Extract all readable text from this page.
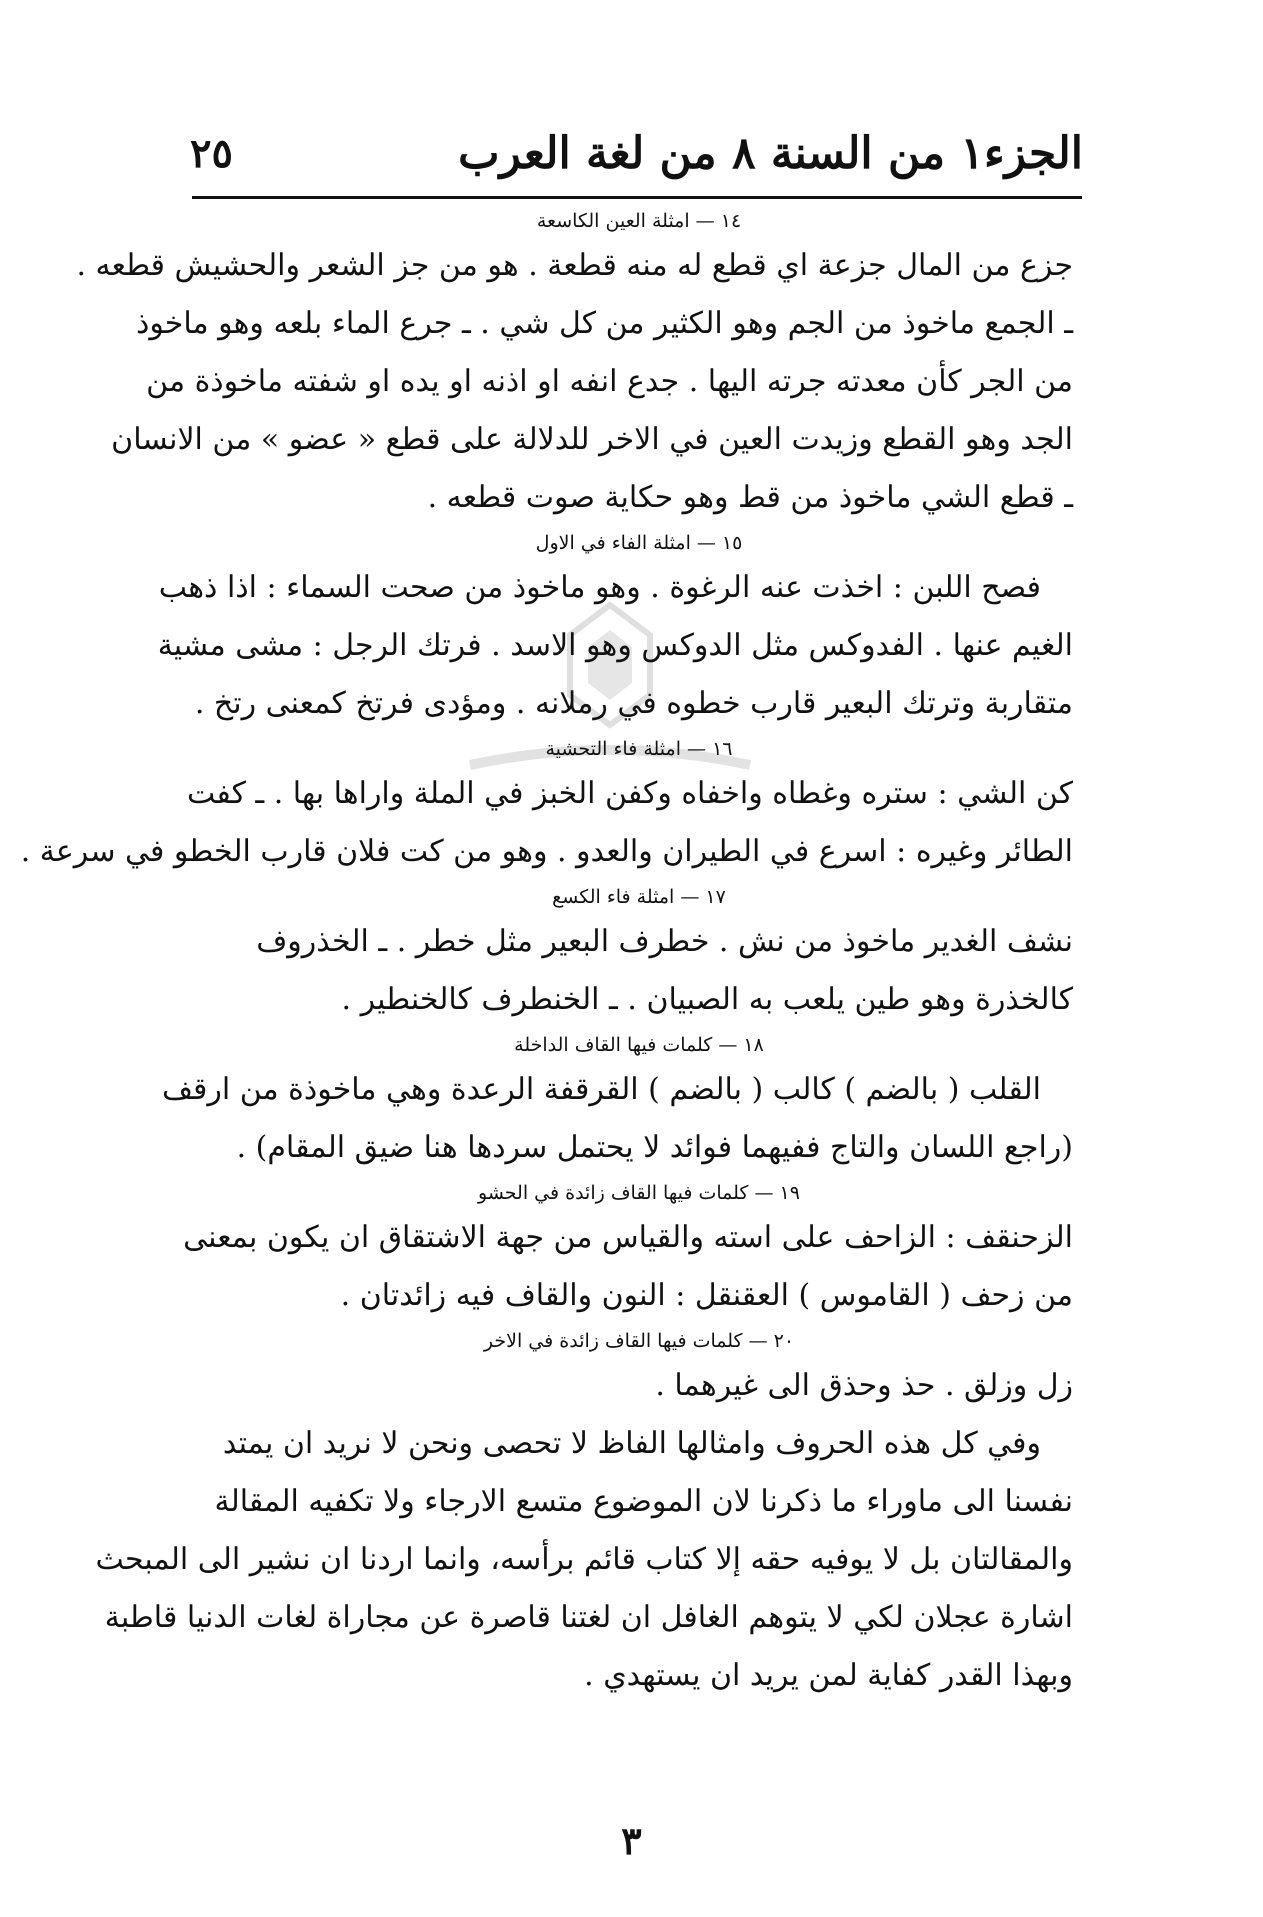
الجزء١ من السنة ٨ من لغة العرب
٢٥
١٤ — امثلة العين الكاسعة
جزع من المال جزعة اي قطع له منه قطعة . هو من جز الشعر والحشيش قطعه .
ـ الجمع ماخوذ من الجم وهو الكثير من كل شي . ـ جرع الماء بلعه وهو ماخوذ
من الجر كأن معدته جرته اليها . جدع انفه او اذنه او يده او شفته ماخوذة من
الجد وهو القطع وزيدت العين في الاخر للدلالة على قطع « عضو » من الانسان
ـ قطع الشي ماخوذ من قط وهو حكاية صوت قطعه .
١٥ — امثلة الفاء في الاول
فصح اللبن : اخذت عنه الرغوة . وهو ماخوذ من صحت السماء : اذا ذهب
الغيم عنها . الفدوكس مثل الدوكس وهو الاسد . فرتك الرجل : مشى مشية
متقاربة وترتك البعير قارب خطوه في رملانه . ومؤدى فرتخ كمعنى رتخ .
١٦ — امثلة فاء التحشية
كن الشي : ستره وغطاه واخفاه وكفن الخبز في الملة واراها بها . ـ كفت
الطائر وغيره : اسرع في الطيران والعدو . وهو من كت فلان قارب الخطو في سرعة .
١٧ — امثلة فاء الكسع
نشف الغدير ماخوذ من نش . خطرف البعير مثل خطر . ـ الخذروف
كالخذرة وهو طين يلعب به الصبيان . ـ الخنطرف كالخنطير .
١٨ — كلمات فيها القاف الداخلة
القلب ( بالضم ) كالب ( بالضم ) القرقفة الرعدة وهي ماخوذة من ارقف
(راجع اللسان والتاج ففيهما فوائد لا يحتمل سردها هنا ضيق المقام) .
١٩ — كلمات فيها القاف زائدة في الحشو
الزحنقف : الزاحف على استه والقياس من جهة الاشتقاق ان يكون بمعنى
من زحف ( القاموس ) العقنقل : النون والقاف فيه زائدتان .
٢٠ — كلمات فيها القاف زائدة في الاخر
زل وزلق . حذ وحذق الى غيرهما .
وفي كل هذه الحروف وامثالها الفاظ لا تحصى ونحن لا نريد ان يمتد
نفسنا الى ماوراء ما ذكرنا لان الموضوع متسع الارجاء ولا تكفيه المقالة
والمقالتان بل لا يوفيه حقه إلا كتاب قائم برأسه، وانما اردنا ان نشير الى المبحث
اشارة عجلان لكي لا يتوهم الغافل ان لغتنا قاصرة عن مجاراة لغات الدنيا قاطبة
وبهذا القدر كفاية لمن يريد ان يستهدي .
٣
